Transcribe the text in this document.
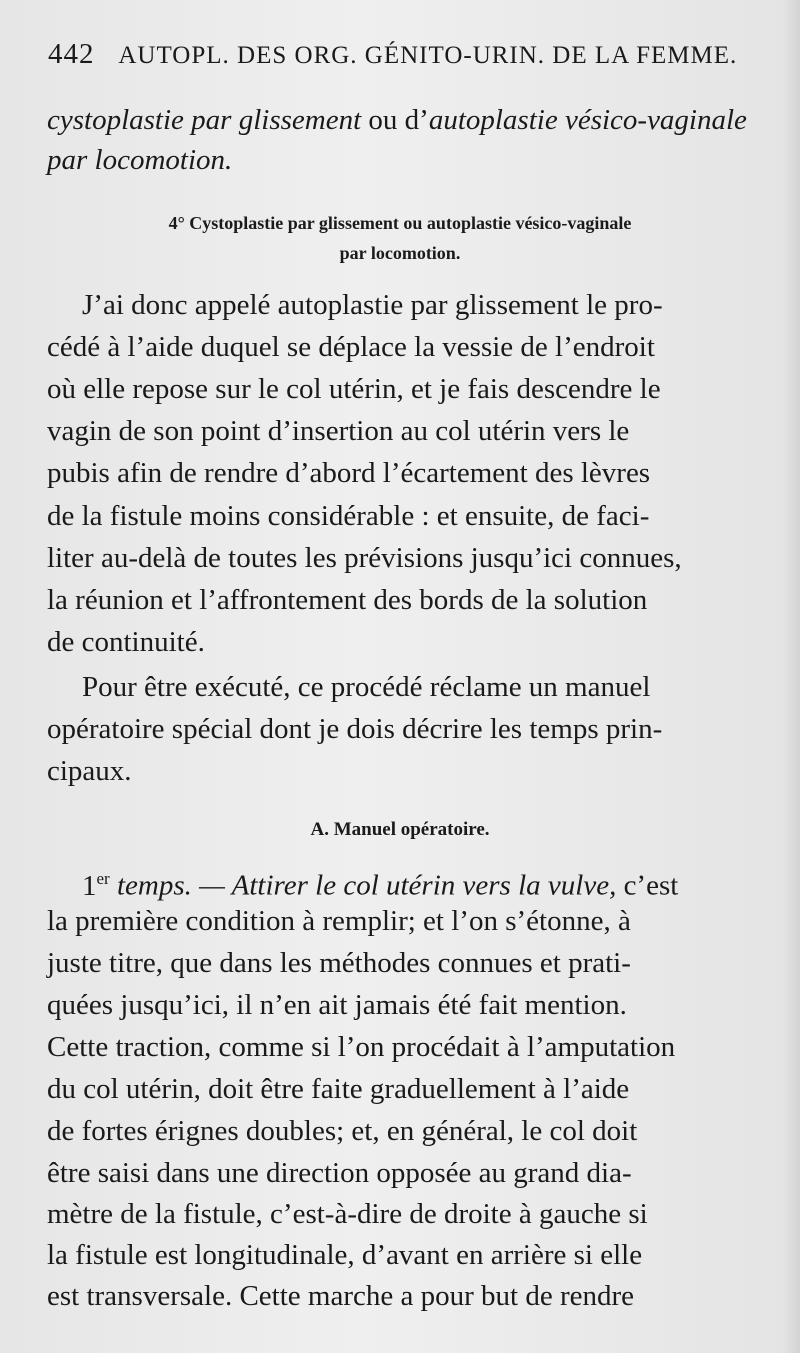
442 AUTOPL. DES ORG. GÉNITO-URIN. DE LA FEMME.
cystoplastie par glissement ou d’autoplastie vésico-vaginale
par locomotion.
4° Cystoplastie par glissement ou autoplastie vésico-vaginale
par locomotion.
J’ai donc appelé autoplastie par glissement le pro-
cédé à l’aide duquel se déplace la vessie de l’endroit
où elle repose sur le col utérin, et je fais descendre le
vagin de son point d’insertion au col utérin vers le
pubis afin de rendre d’abord l’écartement des lèvres
de la fistule moins considérable : et ensuite, de faci-
liter au-delà de toutes les prévisions jusqu’ici connues,
la réunion et l’affrontement des bords de la solution
de continuité.
Pour être exécuté, ce procédé réclame un manuel
opératoire spécial dont je dois décrire les temps prin-
cipaux.
A. Manuel opératoire.
1er temps. — Attirer le col utérin vers la vulve, c’est
la première condition à remplir; et l’on s’étonne, à
juste titre, que dans les méthodes connues et prati-
quées jusqu’ici, il n’en ait jamais été fait mention.
Cette traction, comme si l’on procédait à l’amputation
du col utérin, doit être faite graduellement à l’aide
de fortes érignes doubles; et, en général, le col doit
être saisi dans une direction opposée au grand dia-
mètre de la fistule, c’est-à-dire de droite à gauche si
la fistule est longitudinale, d’avant en arrière si elle
est transversale. Cette marche a pour but de rendre
